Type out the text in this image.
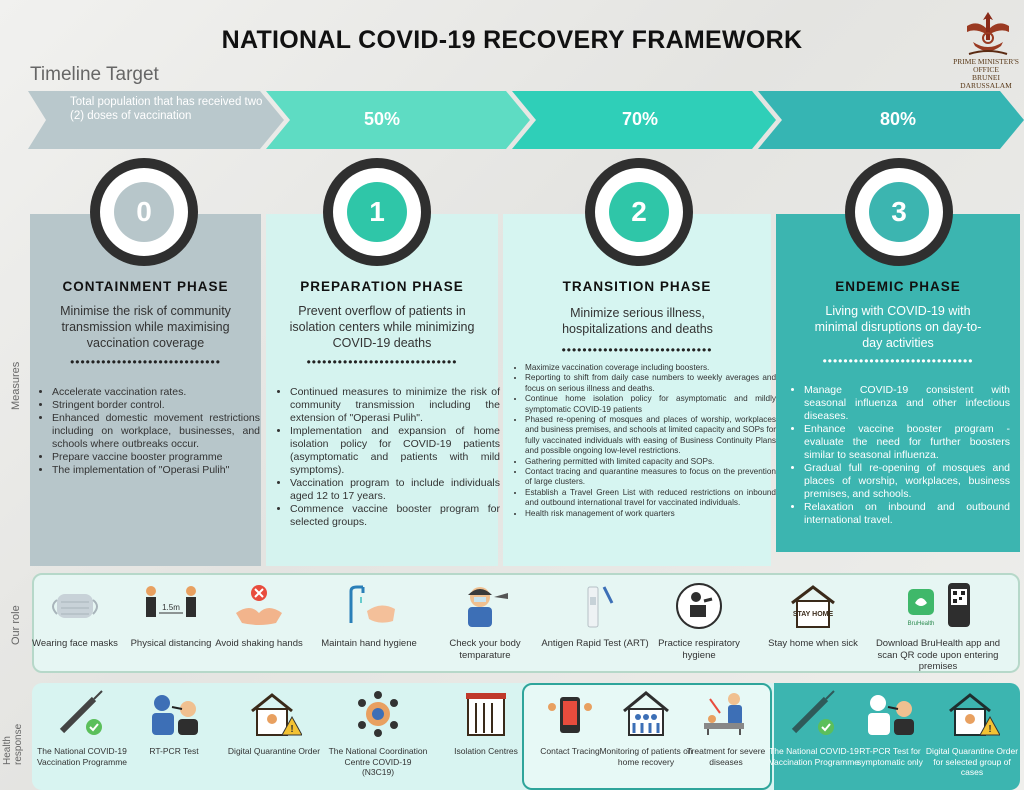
NATIONAL COVID-19 RECOVERY FRAMEWORK
PRIME MINISTER'S OFFICE
BRUNEI DARUSSALAM
Timeline Target
Total population that has received two (2) doses of vaccination	50%	70%	80%
Measures
Our role
Health response
0	1	2	3
CONTAINMENT PHASE	PREPARATION PHASE	TRANSITION PHASE	ENDEMIC PHASE
Minimise the risk of community transmission while maximising vaccination coverage
Prevent overflow of patients in isolation centers while minimizing COVID-19 deaths
Minimize serious illness, hospitalizations and deaths
Living with COVID-19 with minimal disruptions on day-to-day activities
•••••••••••••••••••••••••••••	•••••••••••••••••••••••••••••
•••••••••••••••••••••••••••••
•••••••••••••••••••••••••••••
• Accelerate vaccination rates.
• Stringent border control.
• Enhanced domestic movement restrictions including on workplace, businesses, and schools where outbreaks occur.
• Prepare vaccine booster programme
• The implementation of "Operasi Pulih"
• Continued measures to minimize the risk of community transmission including the extension of "Operasi Pulih".
• Implementation and expansion of home isolation policy for COVID-19 patients (asymptomatic and patients with mild symptoms).
• Vaccination program to include individuals aged 12 to 17 years.
• Commence vaccine booster program for selected groups.
• Maximize vaccination coverage including boosters.
• Reporting to shift from daily case numbers to weekly averages and focus on serious illness and deaths.
• Continue home isolation policy for asymptomatic and mildly symptomatic COVID-19 patients
• Phased re-opening of mosques and places of worship, workplaces and business premises, and schools at limited capacity and SOPs for fully vaccinated individuals with easing of Business Continuity Plans and possible ongoing low-level restrictions.
• Gathering permitted with limited capacity and SOPs.
• Contact tracing and quarantine measures to focus on the prevention of large clusters.
• Establish a Travel Green List with reduced restrictions on inbound and outbound international travel for vaccinated individuals.
• Health risk management of work quarters
• Manage COVID-19 consistent with seasonal influenza and other infectious diseases.
• Enhance vaccine booster program - evaluate the need for further boosters similar to seasonal influenza.
• Gradual full re-opening of mosques and places of worship, workplaces, business premises, and schools.
• Relaxation on inbound and outbound international travel.
Wearing face masks
1.5m
Physical distancing Avoid shaking hands	Maintain hand hygiene	Check your body temparature
Antigen Rapid Test (ART) Practice respiratory hygiene
STAY HOME
Stay home when sick
BruHealth
Download BruHealth app and scan QR code upon entering premises
The National COVID-19 Vaccination Programme
RT-PCR Test
!
Digital Quarantine Order	The National Coordination Centre COVID-19 (N3C19)
Isolation Centres	Contact Tracing Monitoring of patients on home recovery
Treatment for severe diseases
The National COVID-19 Vaccination Programme
RT-PCR Test for symptomatic only
!
Digital Quarantine Order for selected group of cases
